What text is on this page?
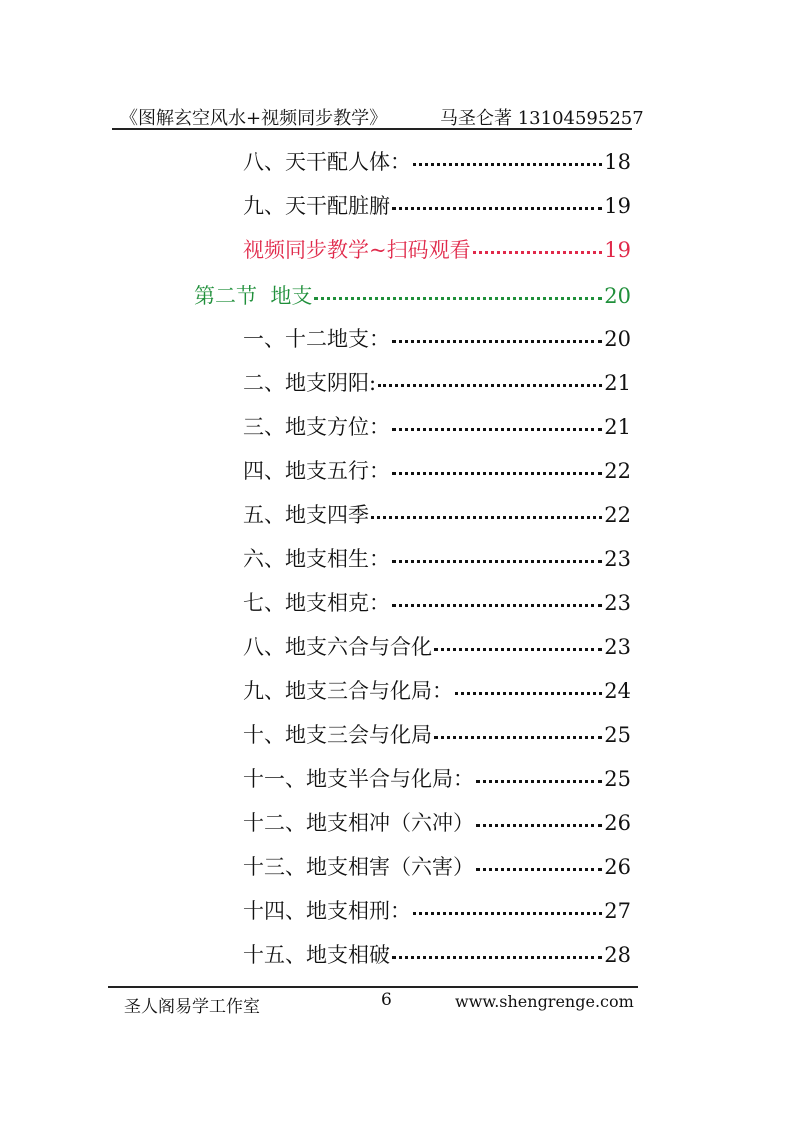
《图解玄空风水+视频同步教学》	马圣仑著 13104595257
八、天干配人体：	18
九、天干配脏腑	19
视频同步教学~扫码观看	19
第二节  地支	20
一、十二地支：	20
二、地支阴阳:	21
三、地支方位：	21
四、地支五行：	22
五、地支四季	22
六、地支相生：	23
七、地支相克：	23
八、地支六合与合化	23
九、地支三合与化局：	24
十、地支三会与化局	25
十一、地支半合与化局：	25
十二、地支相冲（六冲）	26
十三、地支相害（六害）	26
十四、地支相刑：	27
十五、地支相破	28
圣人阁易学工作室	6	www.shengrenge.com
